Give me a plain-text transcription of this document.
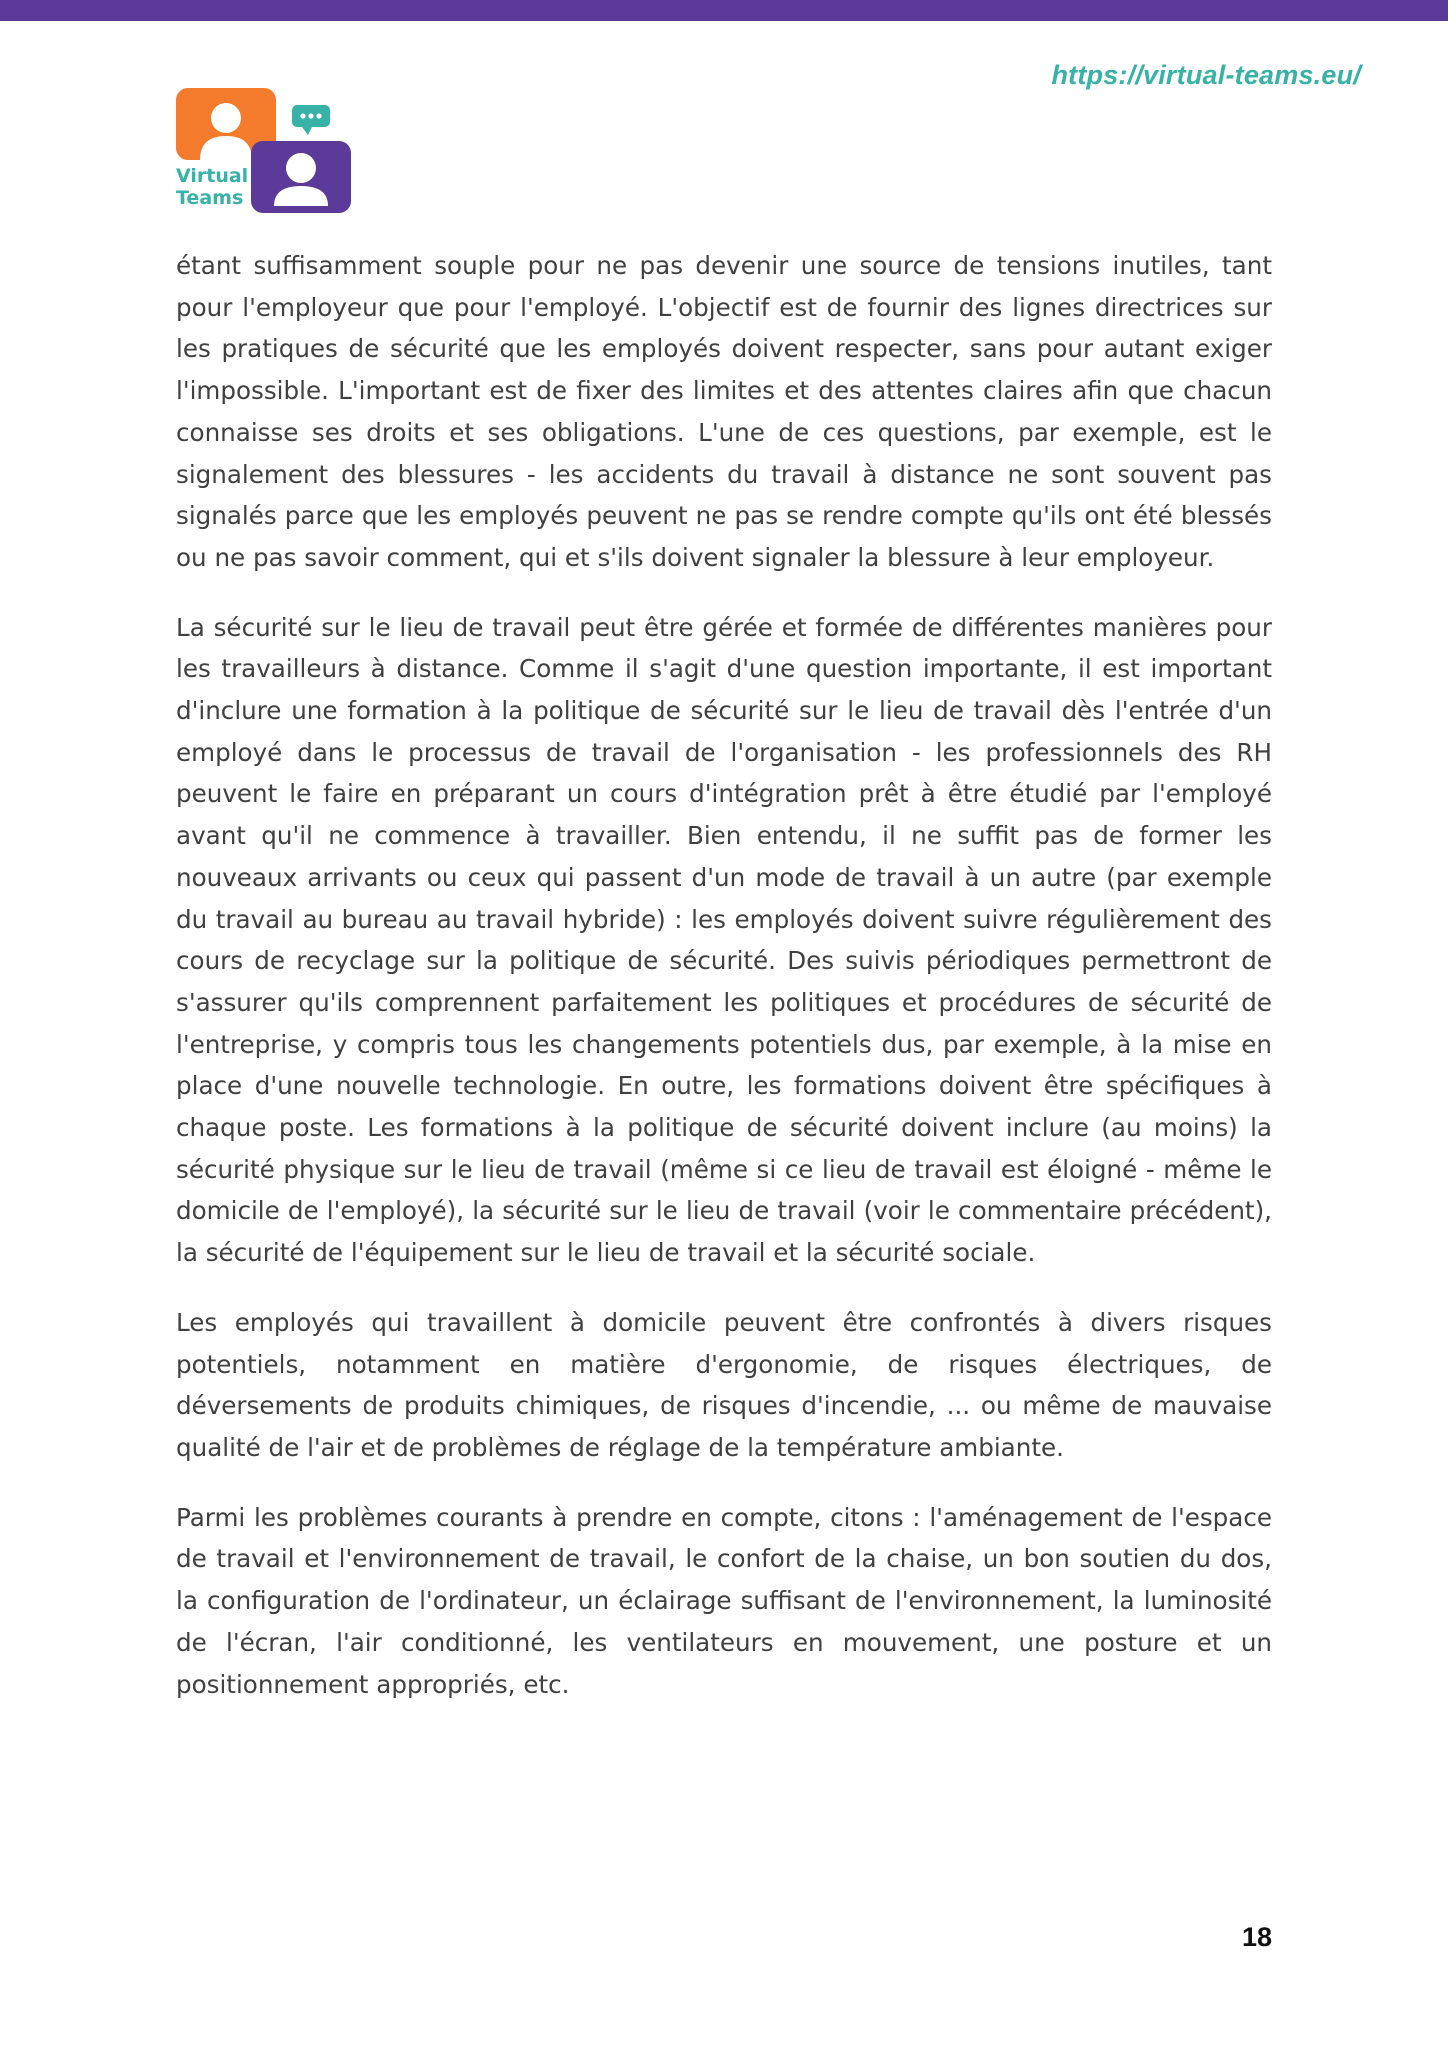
https://virtual-teams.eu/
Virtual
Teams

étant suffisamment souple pour ne pas devenir une source de tensions inutiles, tant pour l'employeur que pour l'employé. L'objectif est de fournir des lignes directrices sur les pratiques de sécurité que les employés doivent respecter, sans pour autant exiger l'impossible. L'important est de fixer des limites et des attentes claires afin que chacun connaisse ses droits et ses obligations. L'une de ces questions, par exemple, est le signalement des blessures - les accidents du travail à distance ne sont souvent pas signalés parce que les employés peuvent ne pas se rendre compte qu'ils ont été blessés ou ne pas savoir comment, qui et s'ils doivent signaler la blessure à leur employeur.

La sécurité sur le lieu de travail peut être gérée et formée de différentes manières pour les travailleurs à distance. Comme il s'agit d'une question importante, il est important d'inclure une formation à la politique de sécurité sur le lieu de travail dès l'entrée d'un employé dans le processus de travail de l'organisation - les professionnels des RH peuvent le faire en préparant un cours d'intégration prêt à être étudié par l'employé avant qu'il ne commence à travailler. Bien entendu, il ne suffit pas de former les nouveaux arrivants ou ceux qui passent d'un mode de travail à un autre (par exemple du travail au bureau au travail hybride) : les employés doivent suivre régulièrement des cours de recyclage sur la politique de sécurité. Des suivis périodiques permettront de s'assurer qu'ils comprennent parfaitement les politiques et procédures de sécurité de l'entreprise, y compris tous les changements potentiels dus, par exemple, à la mise en place d'une nouvelle technologie. En outre, les formations doivent être spécifiques à chaque poste. Les formations à la politique de sécurité doivent inclure (au moins) la sécurité physique sur le lieu de travail (même si ce lieu de travail est éloigné - même le domicile de l'employé), la sécurité sur le lieu de travail (voir le commentaire précédent), la sécurité de l'équipement sur le lieu de travail et la sécurité sociale.

Les employés qui travaillent à domicile peuvent être confrontés à divers risques potentiels, notamment en matière d'ergonomie, de risques électriques, de déversements de produits chimiques, de risques d'incendie, ... ou même de mauvaise qualité de l'air et de problèmes de réglage de la température ambiante.

Parmi les problèmes courants à prendre en compte, citons : l'aménagement de l'espace de travail et l'environnement de travail, le confort de la chaise, un bon soutien du dos, la configuration de l'ordinateur, un éclairage suffisant de l'environnement, la luminosité de l'écran, l'air conditionné, les ventilateurs en mouvement, une posture et un positionnement appropriés, etc.

18
